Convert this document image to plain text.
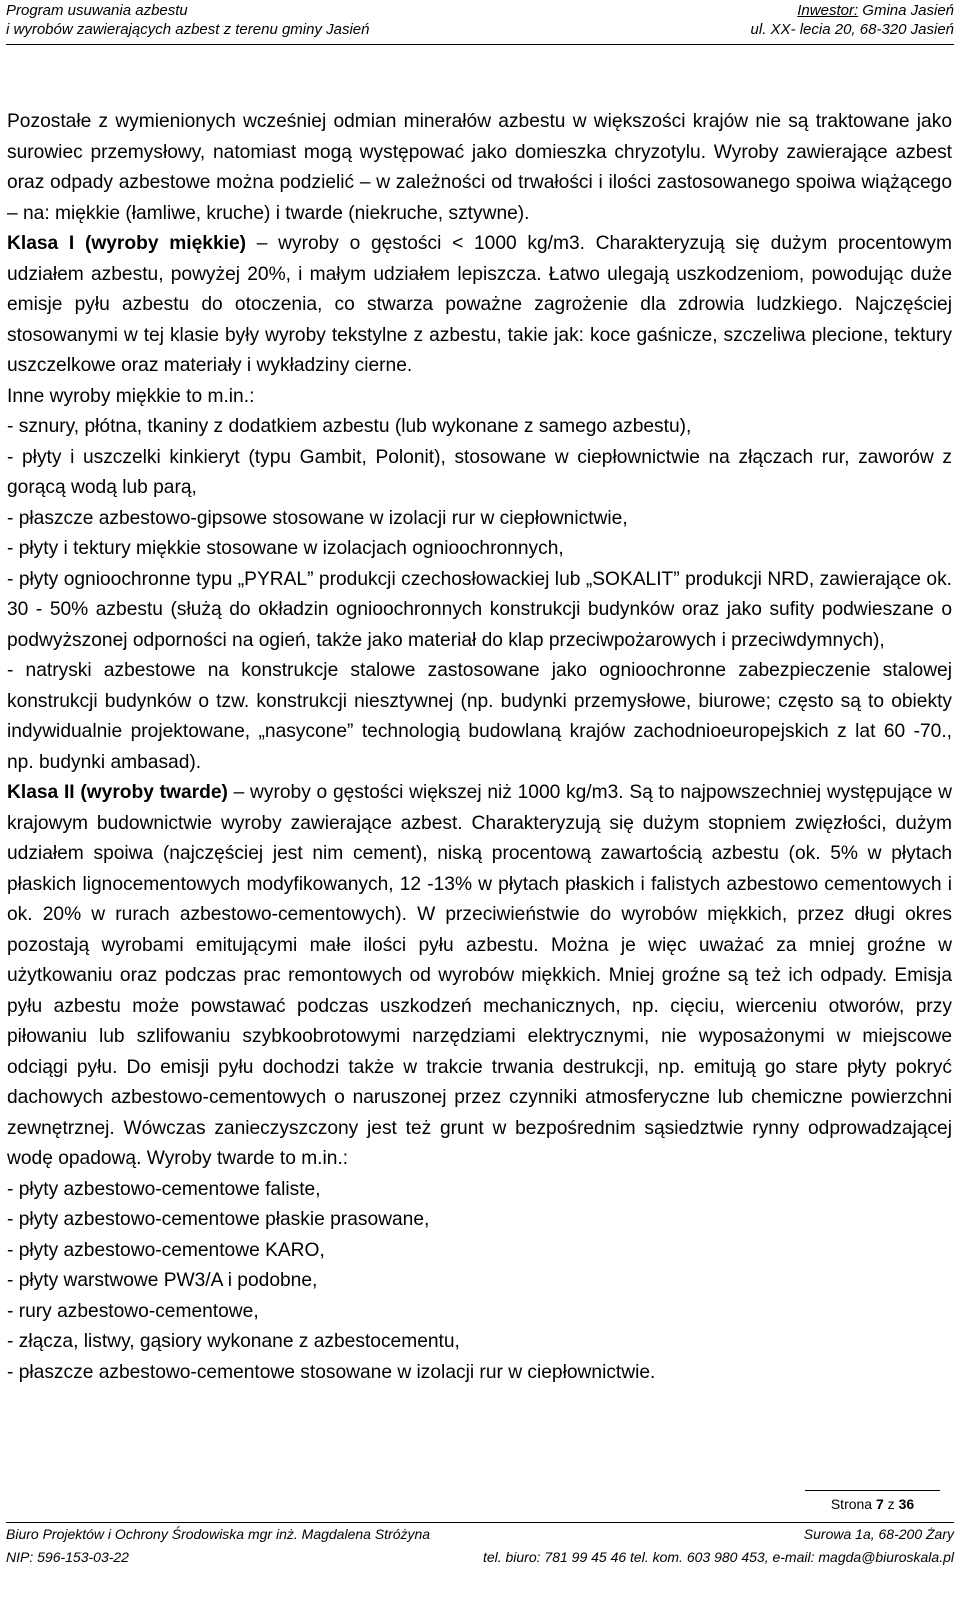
Program usuwania azbestu
i wyrobów zawierających azbest z terenu gminy Jasień
Inwestor: Gmina Jasień
ul. XX- lecia 20, 68-320 Jasień

Pozostałe z wymienionych wcześniej odmian minerałów azbestu w większości krajów nie są traktowane jako surowiec przemysłowy, natomiast mogą występować jako domieszka chryzotylu. Wyroby zawierające azbest oraz odpady azbestowe można podzielić – w zależności od trwałości i ilości zastosowanego spoiwa wiążącego – na: miękkie (łamliwe, kruche) i twarde (niekruche, sztywne).

Klasa I (wyroby miękkie) – wyroby o gęstości < 1000 kg/m3. Charakteryzują się dużym procentowym udziałem azbestu, powyżej 20%, i małym udziałem lepiszcza. Łatwo ulegają uszkodzeniom, powodując duże emisje pyłu azbestu do otoczenia, co stwarza poważne zagrożenie dla zdrowia ludzkiego. Najczęściej stosowanymi w tej klasie były wyroby tekstylne z azbestu, takie jak: koce gaśnicze, szczeliwa plecione, tektury uszczelkowe oraz materiały i wykładziny cierne.

Inne wyroby miękkie to m.in.:

- sznury, płótna, tkaniny z dodatkiem azbestu (lub wykonane z samego azbestu),

- płyty i uszczelki kinkieryt (typu Gambit, Polonit), stosowane w ciepłownictwie na złączach rur, zaworów z gorącą wodą lub parą,

- płaszcze azbestowo-gipsowe stosowane w izolacji rur w ciepłownictwie,

- płyty i tektury miękkie stosowane w izolacjach ognioochronnych,

- płyty ognioochronne typu „PYRAL” produkcji czechosłowackiej lub „SOKALIT” produkcji NRD, zawierające ok. 30 - 50% azbestu (służą do okładzin ognioochronnych konstrukcji budynków oraz jako sufity podwieszane o podwyższonej odporności na ogień, także jako materiał do klap przeciwpożarowych i przeciwdymnych),

- natryski azbestowe na konstrukcje stalowe zastosowane jako ognioochronne zabezpieczenie stalowej konstrukcji budynków o tzw. konstrukcji niesztywnej (np. budynki przemysłowe, biurowe; często są to obiekty indywidualnie projektowane, „nasycone” technologią budowlaną krajów zachodnioeuropejskich z lat 60 -70., np. budynki ambasad).

Klasa II (wyroby twarde) – wyroby o gęstości większej niż 1000 kg/m3. Są to najpowszechniej występujące w krajowym budownictwie wyroby zawierające azbest. Charakteryzują się dużym stopniem zwięzłości, dużym udziałem spoiwa (najczęściej jest nim cement), niską procentową zawartością azbestu (ok. 5% w płytach płaskich lignocementowych modyfikowanych, 12 -13% w płytach płaskich i falistych azbestowo cementowych i ok. 20% w rurach azbestowo-cementowych). W przeciwieństwie do wyrobów miękkich, przez długi okres pozostają wyrobami emitującymi małe ilości pyłu azbestu. Można je więc uważać za mniej groźne w użytkowaniu oraz podczas prac remontowych od wyrobów miękkich. Mniej groźne są też ich odpady. Emisja pyłu azbestu może powstawać podczas uszkodzeń mechanicznych, np. cięciu, wierceniu otworów, przy piłowaniu lub szlifowaniu szybkoobrotowymi narzędziami elektrycznymi, nie wyposażonymi w miejscowe odciągi pyłu. Do emisji pyłu dochodzi także w trakcie trwania destrukcji, np. emitują go stare płyty pokryć dachowych azbestowo-cementowych o naruszonej przez czynniki atmosferyczne lub chemiczne powierzchni zewnętrznej. Wówczas zanieczyszczony jest też grunt w bezpośrednim sąsiedztwie rynny odprowadzającej wodę opadową. Wyroby twarde to m.in.:

- płyty azbestowo-cementowe faliste,

- płyty azbestowo-cementowe płaskie prasowane,

- płyty azbestowo-cementowe KARO,

- płyty warstwowe PW3/A i podobne,

- rury azbestowo-cementowe,

- złącza, listwy, gąsiory wykonane z azbestocementu,

- płaszcze azbestowo-cementowe stosowane w izolacji rur w ciepłownictwie.

Strona 7 z 36
Biuro Projektów i Ochrony Środowiska mgr inż. Magdalena Stróżyna	Surowa 1a, 68-200 Żary
NIP: 596-153-03-22	tel. biuro: 781 99 45 46 tel. kom. 603 980 453, e-mail: magda@biuroskala.pl
